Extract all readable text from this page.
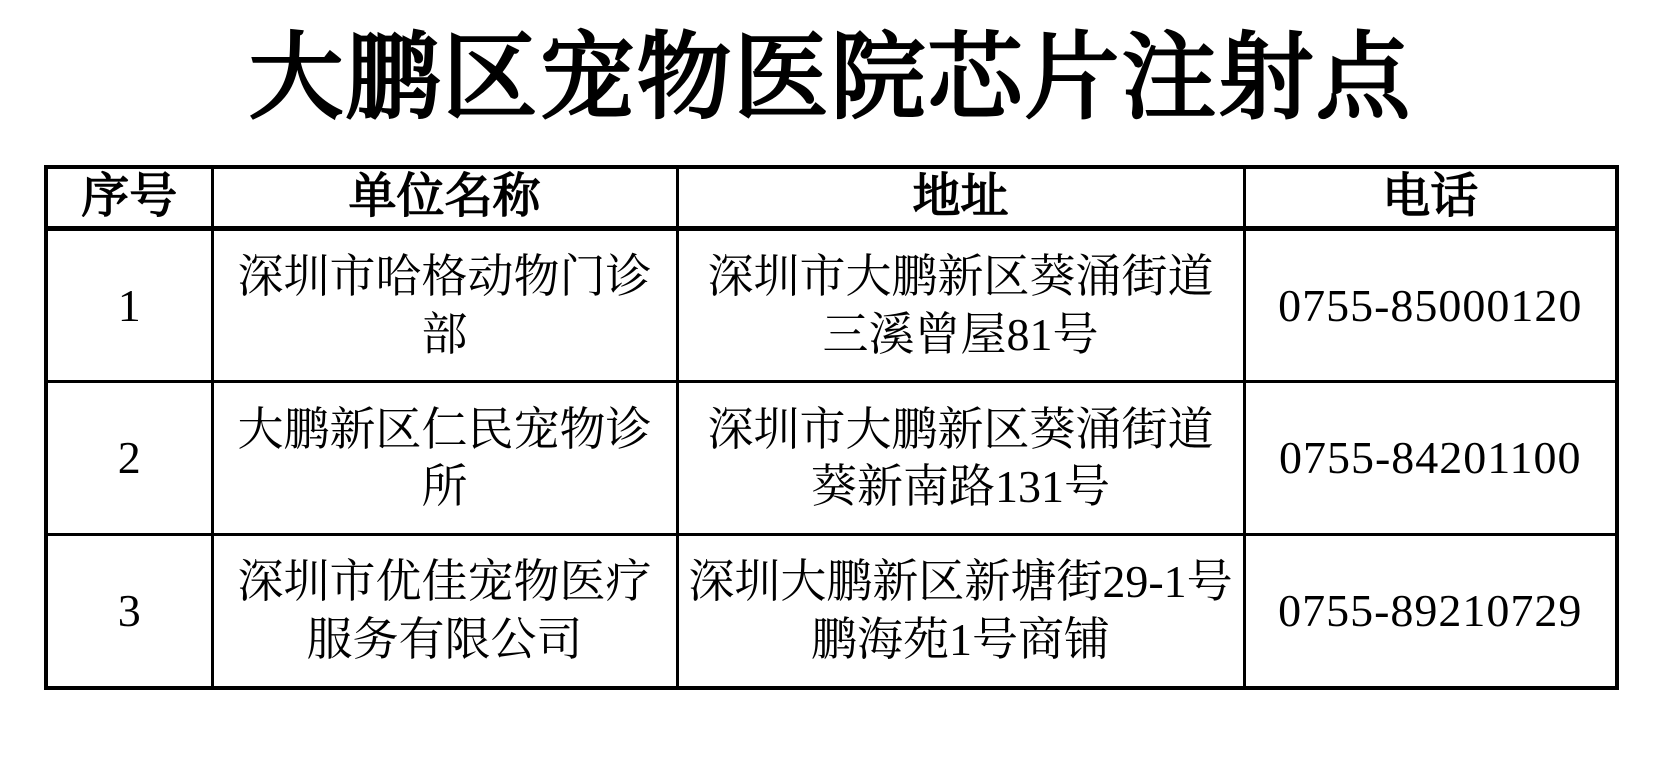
大鹏区宠物医院芯片注射点
序号	单位名称	地址	电话
1	深圳市哈格动物门诊部	深圳市大鹏新区葵涌街道三溪曾屋81号	0755-85000120
2	大鹏新区仁民宠物诊所	深圳市大鹏新区葵涌街道葵新南路131号	0755-84201100
3	深圳市优佳宠物医疗服务有限公司	深圳大鹏新区新塘街29-1号鹏海苑1号商铺	0755-89210729
